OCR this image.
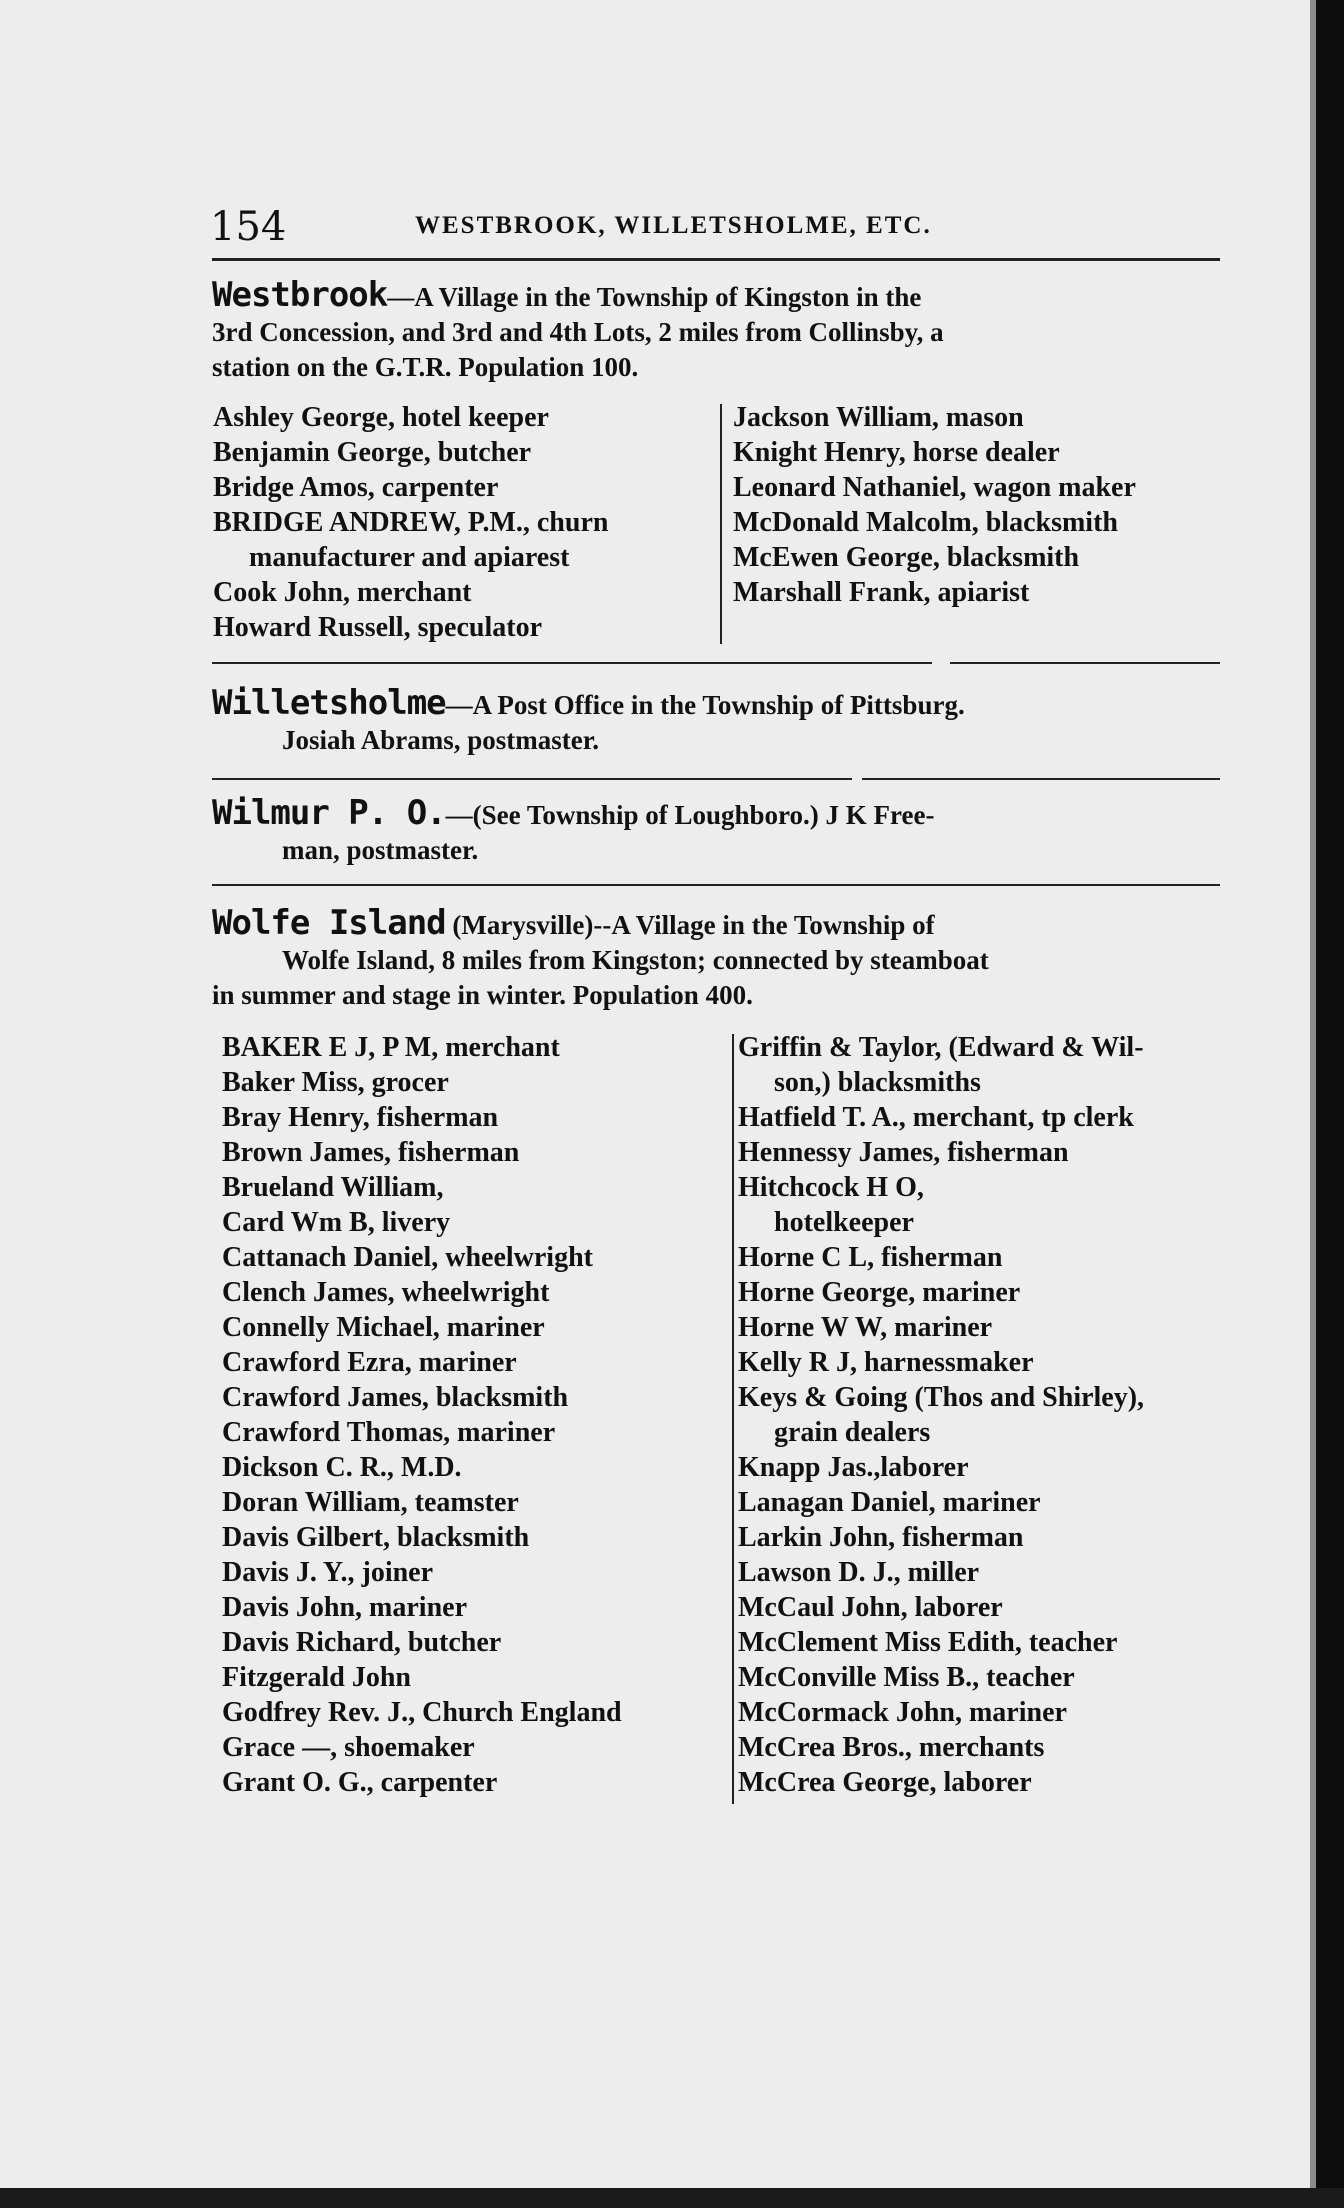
154	WESTBROOK, WILLETSHOLME, ETC.
Westbrook—A Village in the Township of Kingston in the
3rd Concession, and 3rd and 4th Lots, 2 miles from Collinsby, a
station on the G.T.R. Population 100.
Ashley George, hotel keeper
Benjamin George, butcher
Bridge Amos, carpenter
BRIDGE ANDREW, P.M., churn
manufacturer and apiarest
Cook John, merchant
Howard Russell, speculator
Jackson William, mason
Knight Henry, horse dealer
Leonard Nathaniel, wagon maker
McDonald Malcolm, blacksmith
McEwen George, blacksmith
Marshall Frank, apiarist
Willetsholme—A Post Office in the Township of Pittsburg.
Josiah Abrams, postmaster.
Wilmur P. O.—(See Township of Loughboro.) J K Free-
man, postmaster.
Wolfe Island (Marysville)--A Village in the Township of
Wolfe Island, 8 miles from Kingston; connected by steamboat
in summer and stage in winter. Population 400.
BAKER E J, P M, merchant
Baker Miss, grocer
Bray Henry, fisherman
Brown James, fisherman
Brueland William,
Card Wm B, livery
Cattanach Daniel, wheelwright
Clench James, wheelwright
Connelly Michael, mariner
Crawford Ezra, mariner
Crawford James, blacksmith
Crawford Thomas, mariner
Dickson C. R., M.D.
Doran William, teamster
Davis Gilbert, blacksmith
Davis J. Y., joiner
Davis John, mariner
Davis Richard, butcher
Fitzgerald John
Godfrey Rev. J., Church England
Grace —, shoemaker
Grant O. G., carpenter
Griffin & Taylor, (Edward & Wil-
son,) blacksmiths
Hatfield T. A., merchant, tp clerk
Hennessy James, fisherman
Hitchcock H O,
hotelkeeper
Horne C L, fisherman
Horne George, mariner
Horne W W, mariner
Kelly R J, harnessmaker
Keys & Going (Thos and Shirley),
grain dealers
Knapp Jas.,laborer
Lanagan Daniel, mariner
Larkin John, fisherman
Lawson D. J., miller
McCaul John, laborer
McClement Miss Edith, teacher
McConville Miss B., teacher
McCormack John, mariner
McCrea Bros., merchants
McCrea George, laborer
